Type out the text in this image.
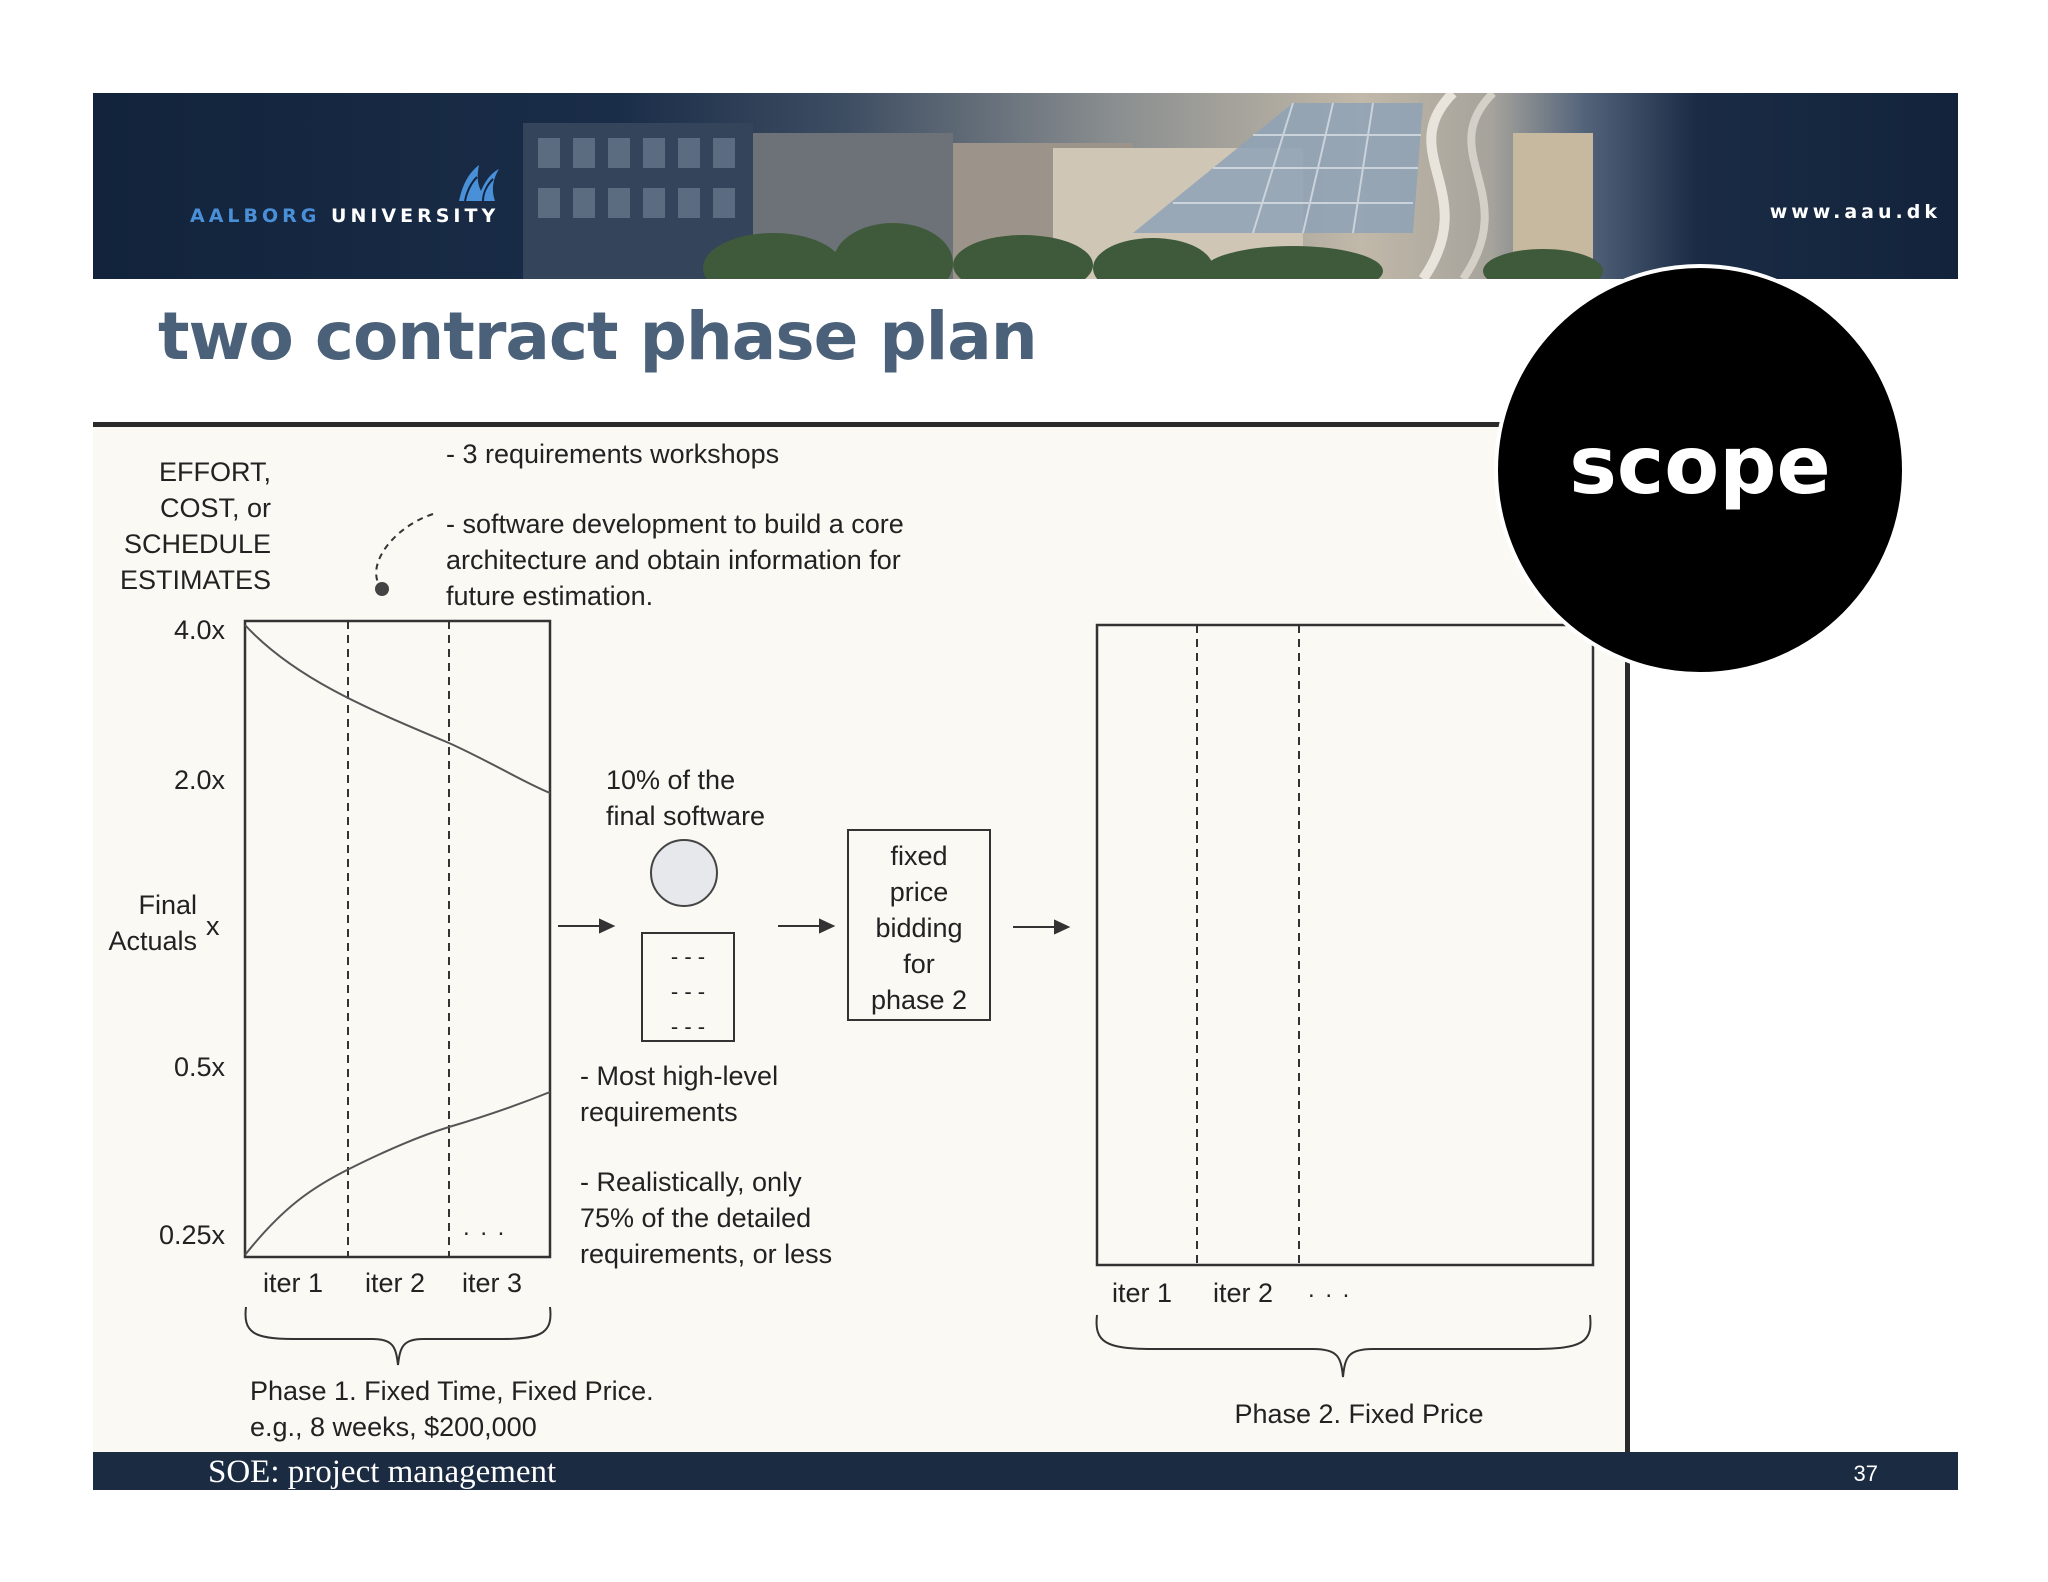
AALBORG UNIVERSITY	www.aau.dk
two contract phase plan
EFFORT,
COST, or
SCHEDULE
ESTIMATES
- 3 requirements workshops
- software development to build a core
architecture and obtain information for
future estimation.
4.0x
2.0x
0.5x
0.25x
Final
Actuals x
. . .
iter 1 iter 2 iter 3
Phase 1. Fixed Time, Fixed Price.
e.g., 8 weeks, $200,000
10% of the
final software
- - -
- - -
- - -
- Most high-level
requirements
- Realistically, only
75% of the detailed
requirements, or less
fixed
price
bidding
for
phase 2
iter 1 iter 2 . . .
Phase 2. Fixed Price
scope
SOE: project management	37
